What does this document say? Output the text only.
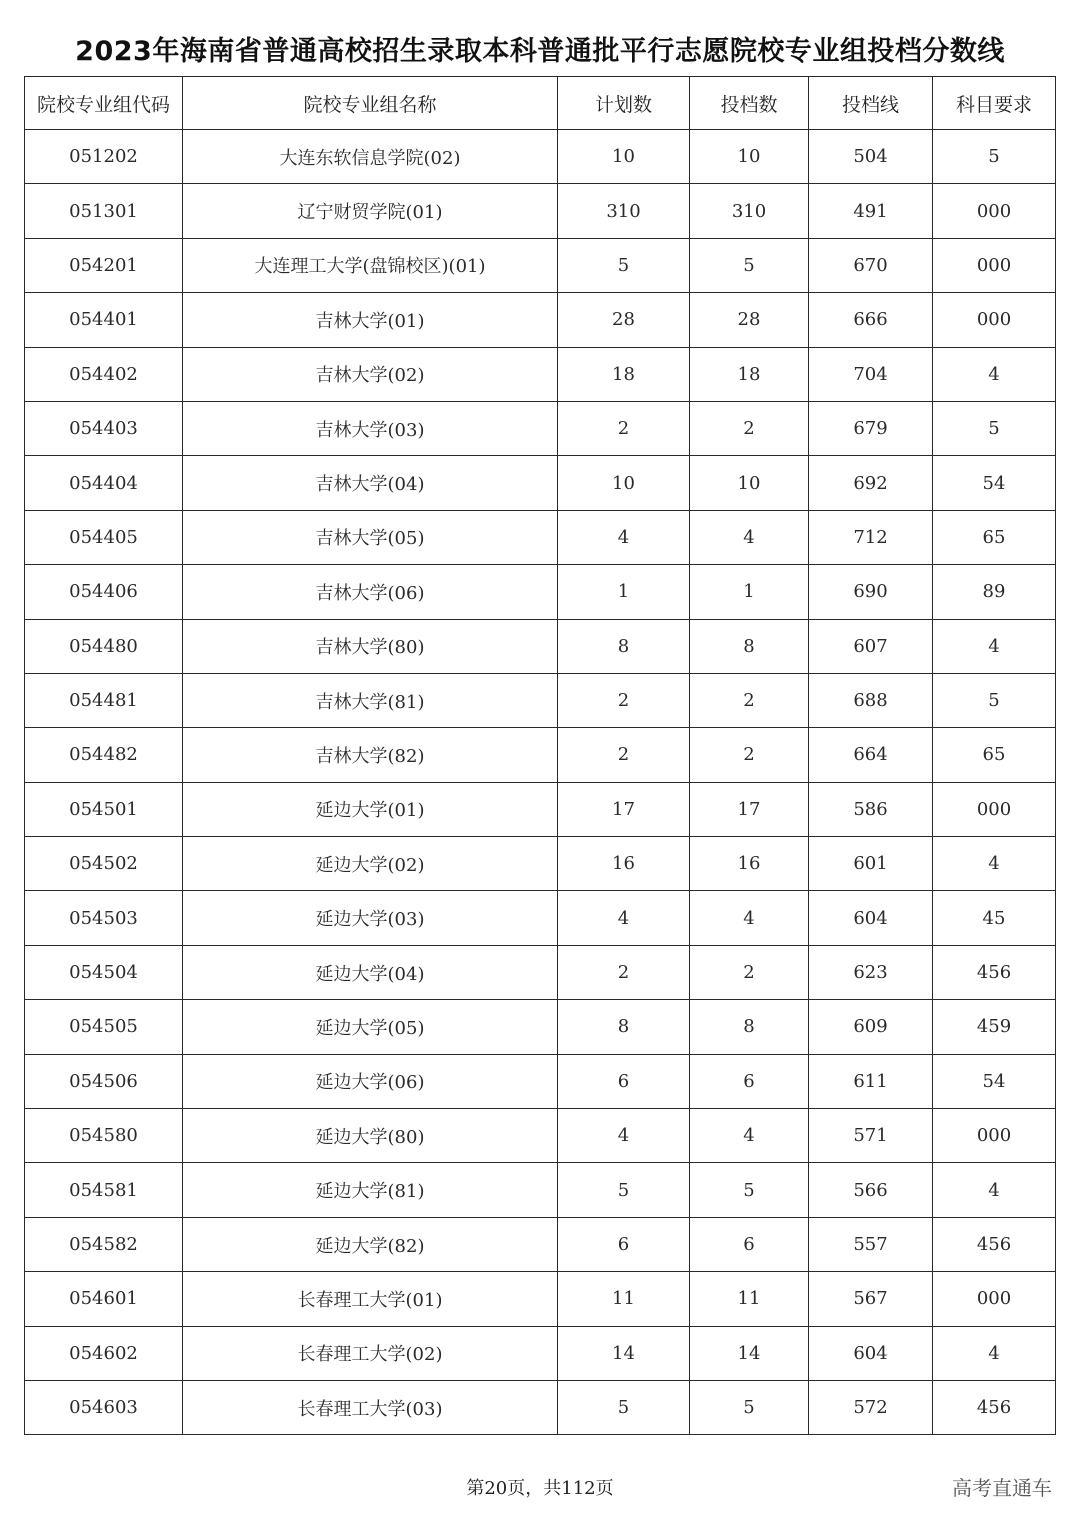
2023年海南省普通高校招生录取本科普通批平行志愿院校专业组投档分数线
院校专业组代码	院校专业组名称	计划数	投档数	投档线	科目要求
051202	大连东软信息学院(02)	10	10	504	5
051301	辽宁财贸学院(01)	310	310	491	000
054201	大连理工大学(盘锦校区)(01)	5	5	670	000
054401	吉林大学(01)	28	28	666	000
054402	吉林大学(02)	18	18	704	4
054403	吉林大学(03)	2	2	679	5
054404	吉林大学(04)	10	10	692	54
054405	吉林大学(05)	4	4	712	65
054406	吉林大学(06)	1	1	690	89
054480	吉林大学(80)	8	8	607	4
054481	吉林大学(81)	2	2	688	5
054482	吉林大学(82)	2	2	664	65
054501	延边大学(01)	17	17	586	000
054502	延边大学(02)	16	16	601	4
054503	延边大学(03)	4	4	604	45
054504	延边大学(04)	2	2	623	456
054505	延边大学(05)	8	8	609	459
054506	延边大学(06)	6	6	611	54
054580	延边大学(80)	4	4	571	000
054581	延边大学(81)	5	5	566	4
054582	延边大学(82)	6	6	557	456
054601	长春理工大学(01)	11	11	567	000
054602	长春理工大学(02)	14	14	604	4
054603	长春理工大学(03)	5	5	572	456
第20页，共112页	高考直通车
